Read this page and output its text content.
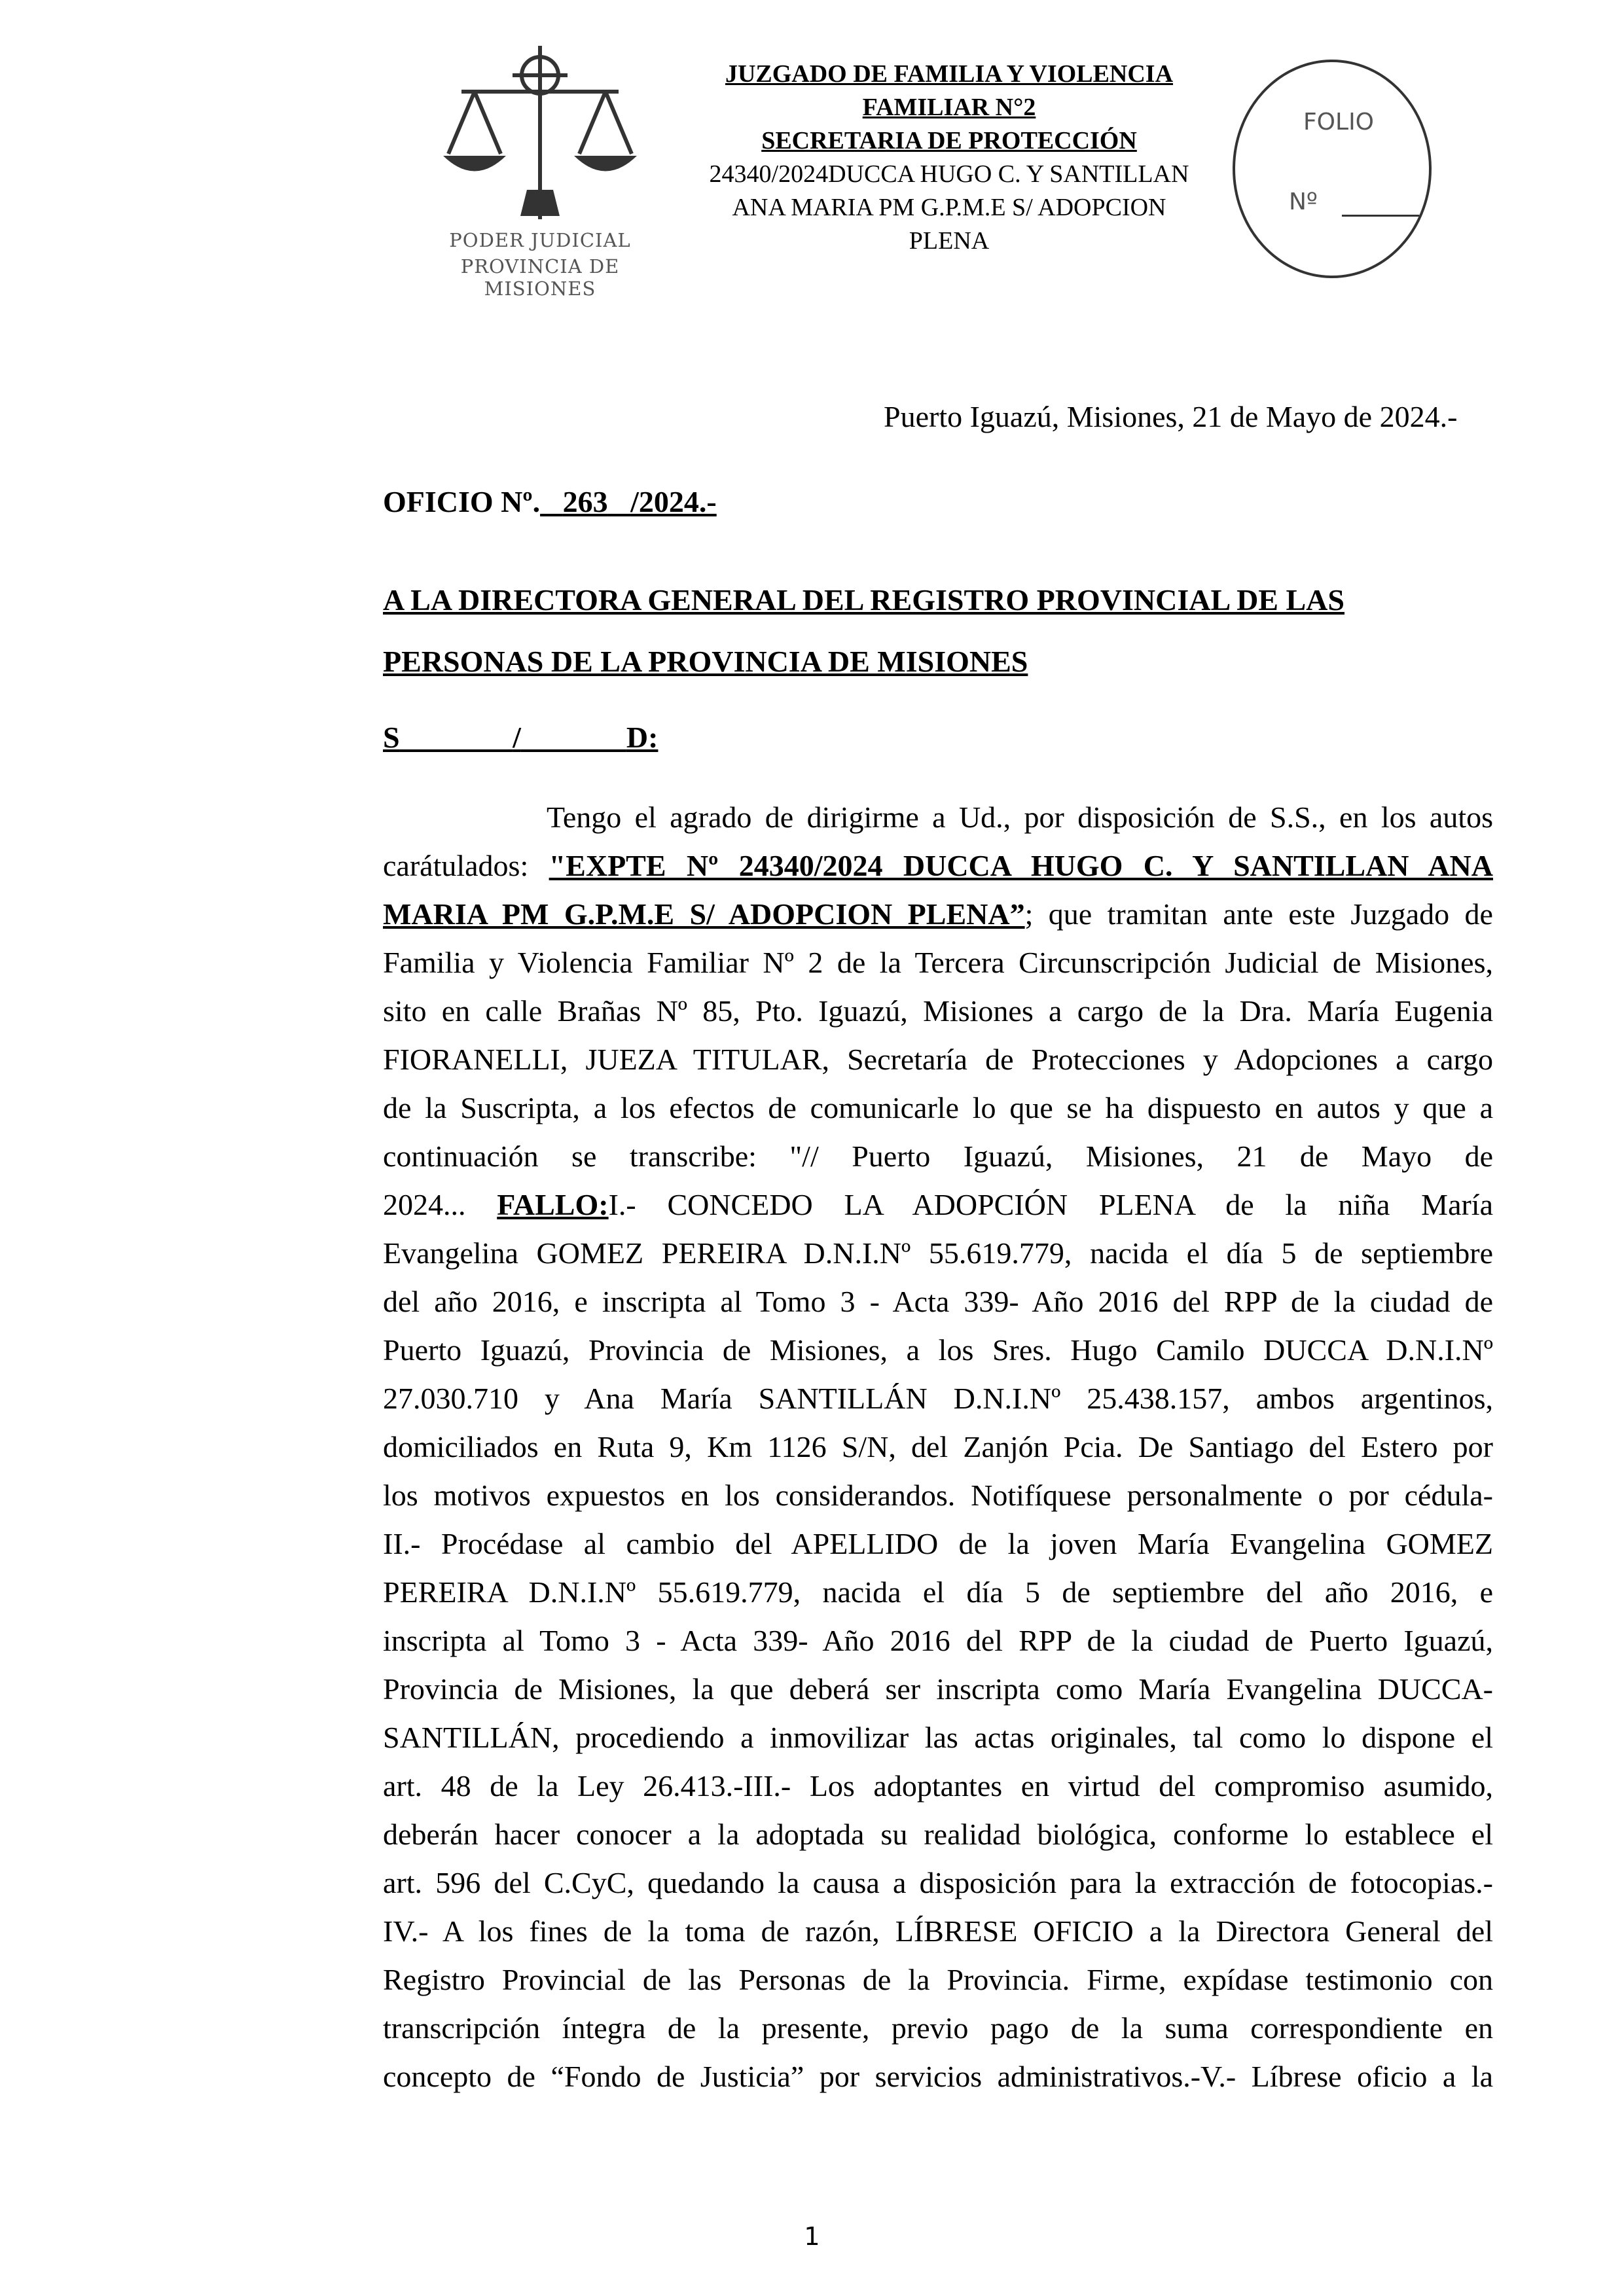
PODER JUDICIAL
PROVINCIA DE MISIONES
JUZGADO DE FAMILIA Y VIOLENCIA
FAMILIAR N°2
SECRETARIA DE PROTECCIÓN
24340/2024DUCCA HUGO C. Y SANTILLAN
ANA MARIA PM G.P.M.E S/ ADOPCION
PLENA
FOLIO
Nº
Puerto Iguazú, Misiones, 21 de Mayo de 2024.-
OFICIO Nº. 263 /2024.-
A LA DIRECTORA GENERAL DEL REGISTRO PROVINCIAL DE LAS
PERSONAS DE LA PROVINCIA DE MISIONES
S	/	D:
Tengo el agrado de dirigirme a Ud., por disposición de S.S., en los autos
carátulados: "EXPTE Nº 24340/2024 DUCCA HUGO C. Y SANTILLAN ANA
MARIA PM G.P.M.E S/ ADOPCION PLENA”; que tramitan ante este Juzgado de
Familia y Violencia Familiar Nº 2 de la Tercera Circunscripción Judicial de Misiones,
sito en calle Brañas Nº 85, Pto. Iguazú, Misiones a cargo de la Dra. María Eugenia
FIORANELLI, JUEZA TITULAR, Secretaría de Protecciones y Adopciones a cargo
de la Suscripta, a los efectos de comunicarle lo que se ha dispuesto en autos y que a
continuación se transcribe: "// Puerto Iguazú, Misiones, 21 de Mayo de
2024... FALLO:I.- CONCEDO LA ADOPCIÓN PLENA de la niña María
Evangelina GOMEZ PEREIRA D.N.I.Nº 55.619.779, nacida el día 5 de septiembre
del año 2016, e inscripta al Tomo 3 - Acta 339- Año 2016 del RPP de la ciudad de
Puerto Iguazú, Provincia de Misiones, a los Sres. Hugo Camilo DUCCA D.N.I.Nº
27.030.710 y Ana María SANTILLÁN D.N.I.Nº 25.438.157, ambos argentinos,
domiciliados en Ruta 9, Km 1126 S/N, del Zanjón Pcia. De Santiago del Estero por
los motivos expuestos en los considerandos. Notifíquese personalmente o por cédula-
II.- Procédase al cambio del APELLIDO de la joven María Evangelina GOMEZ
PEREIRA D.N.I.Nº 55.619.779, nacida el día 5 de septiembre del año 2016, e
inscripta al Tomo 3 - Acta 339- Año 2016 del RPP de la ciudad de Puerto Iguazú,
Provincia de Misiones, la que deberá ser inscripta como María Evangelina DUCCA-
SANTILLÁN, procediendo a inmovilizar las actas originales, tal como lo dispone el
art. 48 de la Ley 26.413.-III.- Los adoptantes en virtud del compromiso asumido,
deberán hacer conocer a la adoptada su realidad biológica, conforme lo establece el
art. 596 del C.CyC, quedando la causa a disposición para la extracción de fotocopias.-
IV.- A los fines de la toma de razón, LÍBRESE OFICIO a la Directora General del
Registro Provincial de las Personas de la Provincia. Firme, expídase testimonio con
transcripción íntegra de la presente, previo pago de la suma correspondiente en
concepto de “Fondo de Justicia” por servicios administrativos.-V.- Líbrese oficio a la
1
